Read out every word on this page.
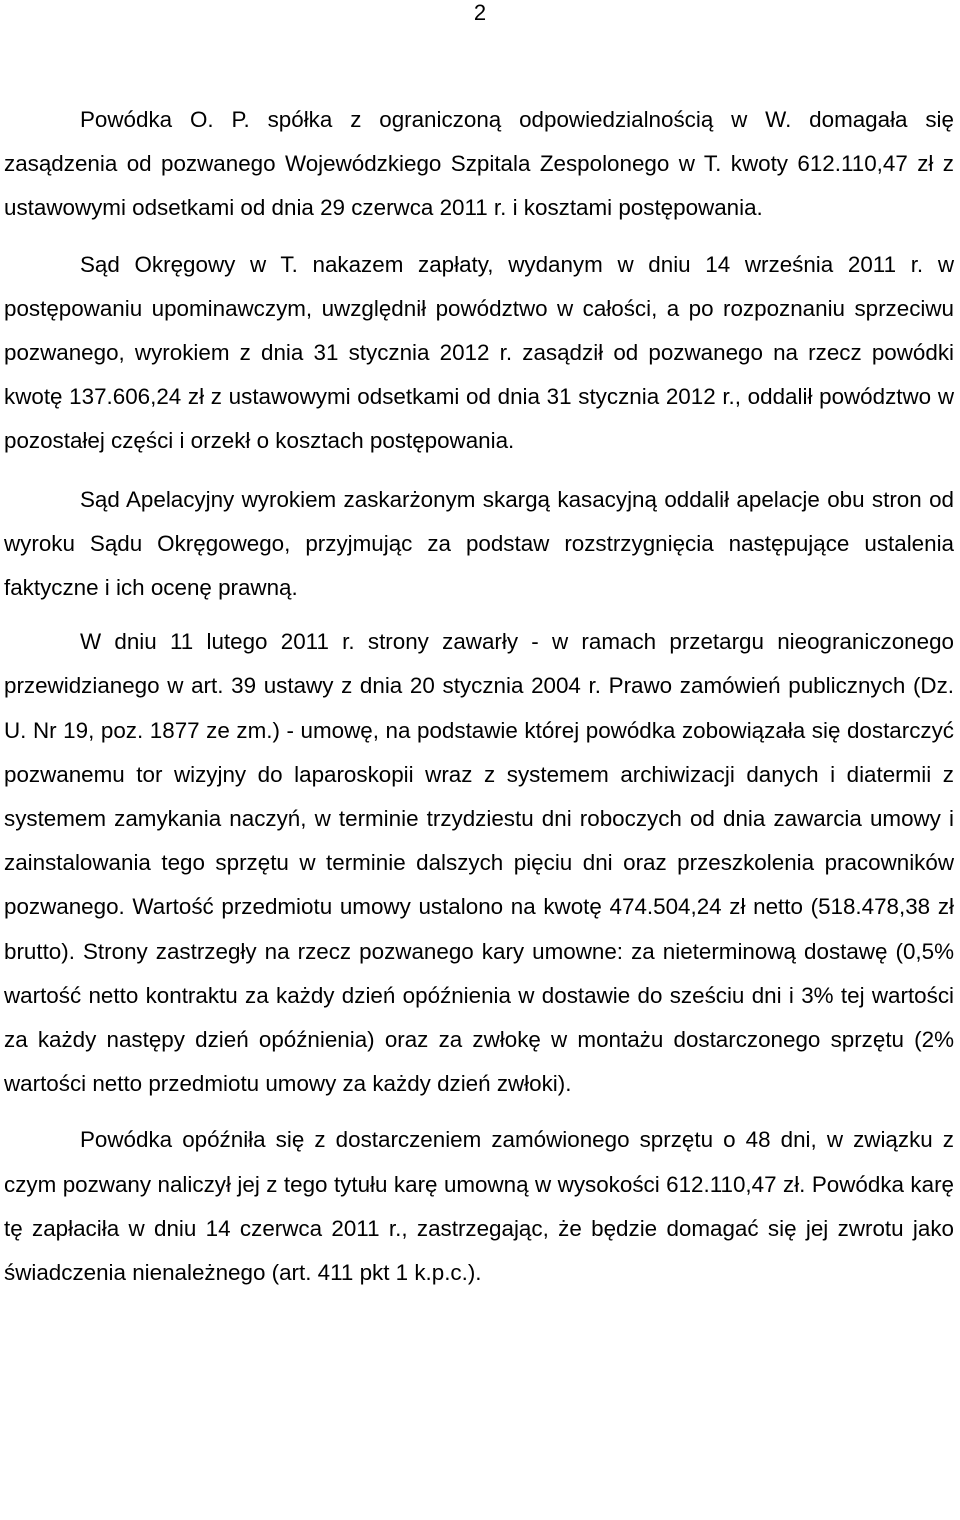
2

Powódka O. P. spółka z ograniczoną odpowiedzialnością w W. domagała się zasądzenia od pozwanego Wojewódzkiego Szpitala Zespolonego w T. kwoty 612.110,47 zł z ustawowymi odsetkami od dnia 29 czerwca 2011 r. i kosztami postępowania.

Sąd Okręgowy w T. nakazem zapłaty, wydanym w dniu 14 września 2011 r. w postępowaniu upominawczym, uwzględnił powództwo w całości, a po rozpoznaniu sprzeciwu pozwanego, wyrokiem z dnia 31 stycznia 2012 r. zasądził od pozwanego na rzecz powódki kwotę 137.606,24 zł z ustawowymi odsetkami od dnia 31 stycznia 2012 r., oddalił powództwo w pozostałej części i orzekł o kosztach postępowania.

Sąd Apelacyjny wyrokiem zaskarżonym skargą kasacyjną oddalił apelacje obu stron od wyroku Sądu Okręgowego, przyjmując za podstaw rozstrzygnięcia następujące ustalenia faktyczne i ich ocenę prawną.

W dniu 11 lutego 2011 r. strony zawarły - w ramach przetargu nieograniczonego przewidzianego w art. 39 ustawy z dnia 20 stycznia 2004 r. Prawo zamówień publicznych (Dz. U. Nr 19, poz. 1877 ze zm.) - umowę, na podstawie której powódka zobowiązała się dostarczyć pozwanemu tor wizyjny do laparoskopii wraz z systemem archiwizacji danych i diatermii z systemem zamykania naczyń, w terminie trzydziestu dni roboczych od dnia zawarcia umowy i zainstalowania tego sprzętu w terminie dalszych pięciu dni oraz przeszkolenia pracowników pozwanego. Wartość przedmiotu umowy ustalono na kwotę 474.504,24 zł netto (518.478,38 zł brutto). Strony zastrzegły na rzecz pozwanego kary umowne: za nieterminową dostawę (0,5% wartość netto kontraktu za każdy dzień opóźnienia w dostawie do sześciu dni i 3% tej wartości za każdy następy dzień opóźnienia) oraz za zwłokę w montażu dostarczonego sprzętu (2% wartości netto przedmiotu umowy za każdy dzień zwłoki).

Powódka opóźniła się z dostarczeniem zamówionego sprzętu o 48 dni, w związku z czym pozwany naliczył jej z tego tytułu karę umowną w wysokości 612.110,47 zł. Powódka karę tę zapłaciła w dniu 14 czerwca 2011 r., zastrzegając, że będzie domagać się jej zwrotu jako świadczenia nienależnego (art. 411 pkt 1 k.p.c.).
